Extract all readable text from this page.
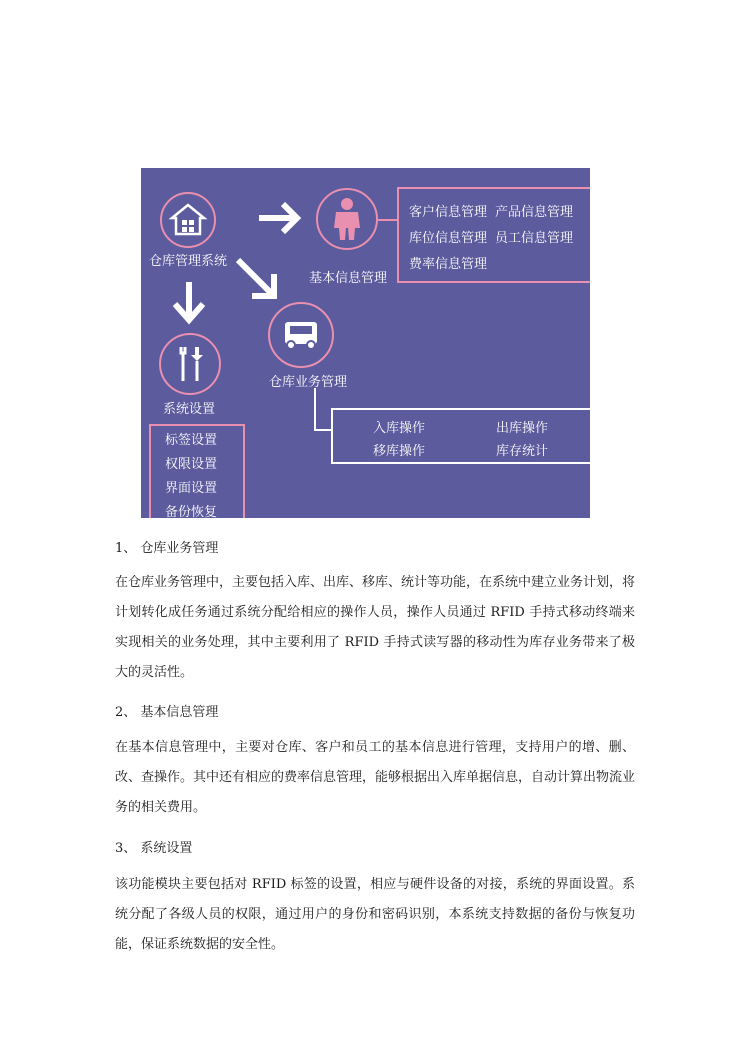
仓库管理系统
基本信息管理
客户信息管理 产品信息管理
库位信息管理 员工信息管理
费率信息管理
仓库业务管理
入库操作	出库操作
移库操作	库存统计
系统设置
标签设置
权限设置
界面设置
备份恢复
1、 仓库业务管理

在仓库业务管理中，主要包括入库、出库、移库、统计等功能，在系统中建立业务计划，将计划转化成任务通过系统分配给相应的操作人员，操作人员通过 RFID 手持式移动终端来实现相关的业务处理，其中主要利用了 RFID 手持式读写器的移动性为库存业务带来了极大的灵活性。

2、 基本信息管理

在基本信息管理中，主要对仓库、客户和员工的基本信息进行管理，支持用户的增、删、改、查操作。其中还有相应的费率信息管理，能够根据出入库单据信息，自动计算出物流业务的相关费用。

3、 系统设置

该功能模块主要包括对 RFID 标签的设置，相应与硬件设备的对接，系统的界面设置。系统分配了各级人员的权限，通过用户的身份和密码识别，本系统支持数据的备份与恢复功能，保证系统数据的安全性。
